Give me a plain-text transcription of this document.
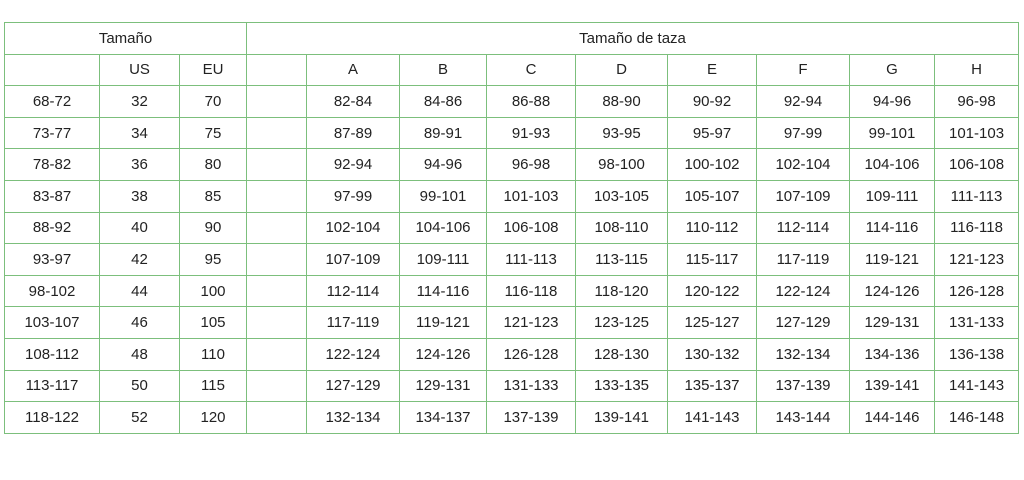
Tamaño			Tamaño de taza								
	US	EU		A	B	C	D	E	F	G	H
68-72	32	70		82-84	84-86	86-88	88-90	90-92	92-94	94-96	96-98
73-77	34	75		87-89	89-91	91-93	93-95	95-97	97-99	99-101	101-103
78-82	36	80		92-94	94-96	96-98	98-100	100-102	102-104	104-106	106-108
83-87	38	85		97-99	99-101	101-103	103-105	105-107	107-109	109-111	111-113
88-92	40	90		102-104	104-106	106-108	108-110	110-112	112-114	114-116	116-118
93-97	42	95		107-109	109-111	111-113	113-115	115-117	117-119	119-121	121-123
98-102	44	100		112-114	114-116	116-118	118-120	120-122	122-124	124-126	126-128
103-107	46	105		117-119	119-121	121-123	123-125	125-127	127-129	129-131	131-133
108-112	48	110		122-124	124-126	126-128	128-130	130-132	132-134	134-136	136-138
113-117	50	115		127-129	129-131	131-133	133-135	135-137	137-139	139-141	141-143
118-122	52	120		132-134	134-137	137-139	139-141	141-143	143-144	144-146	146-148
